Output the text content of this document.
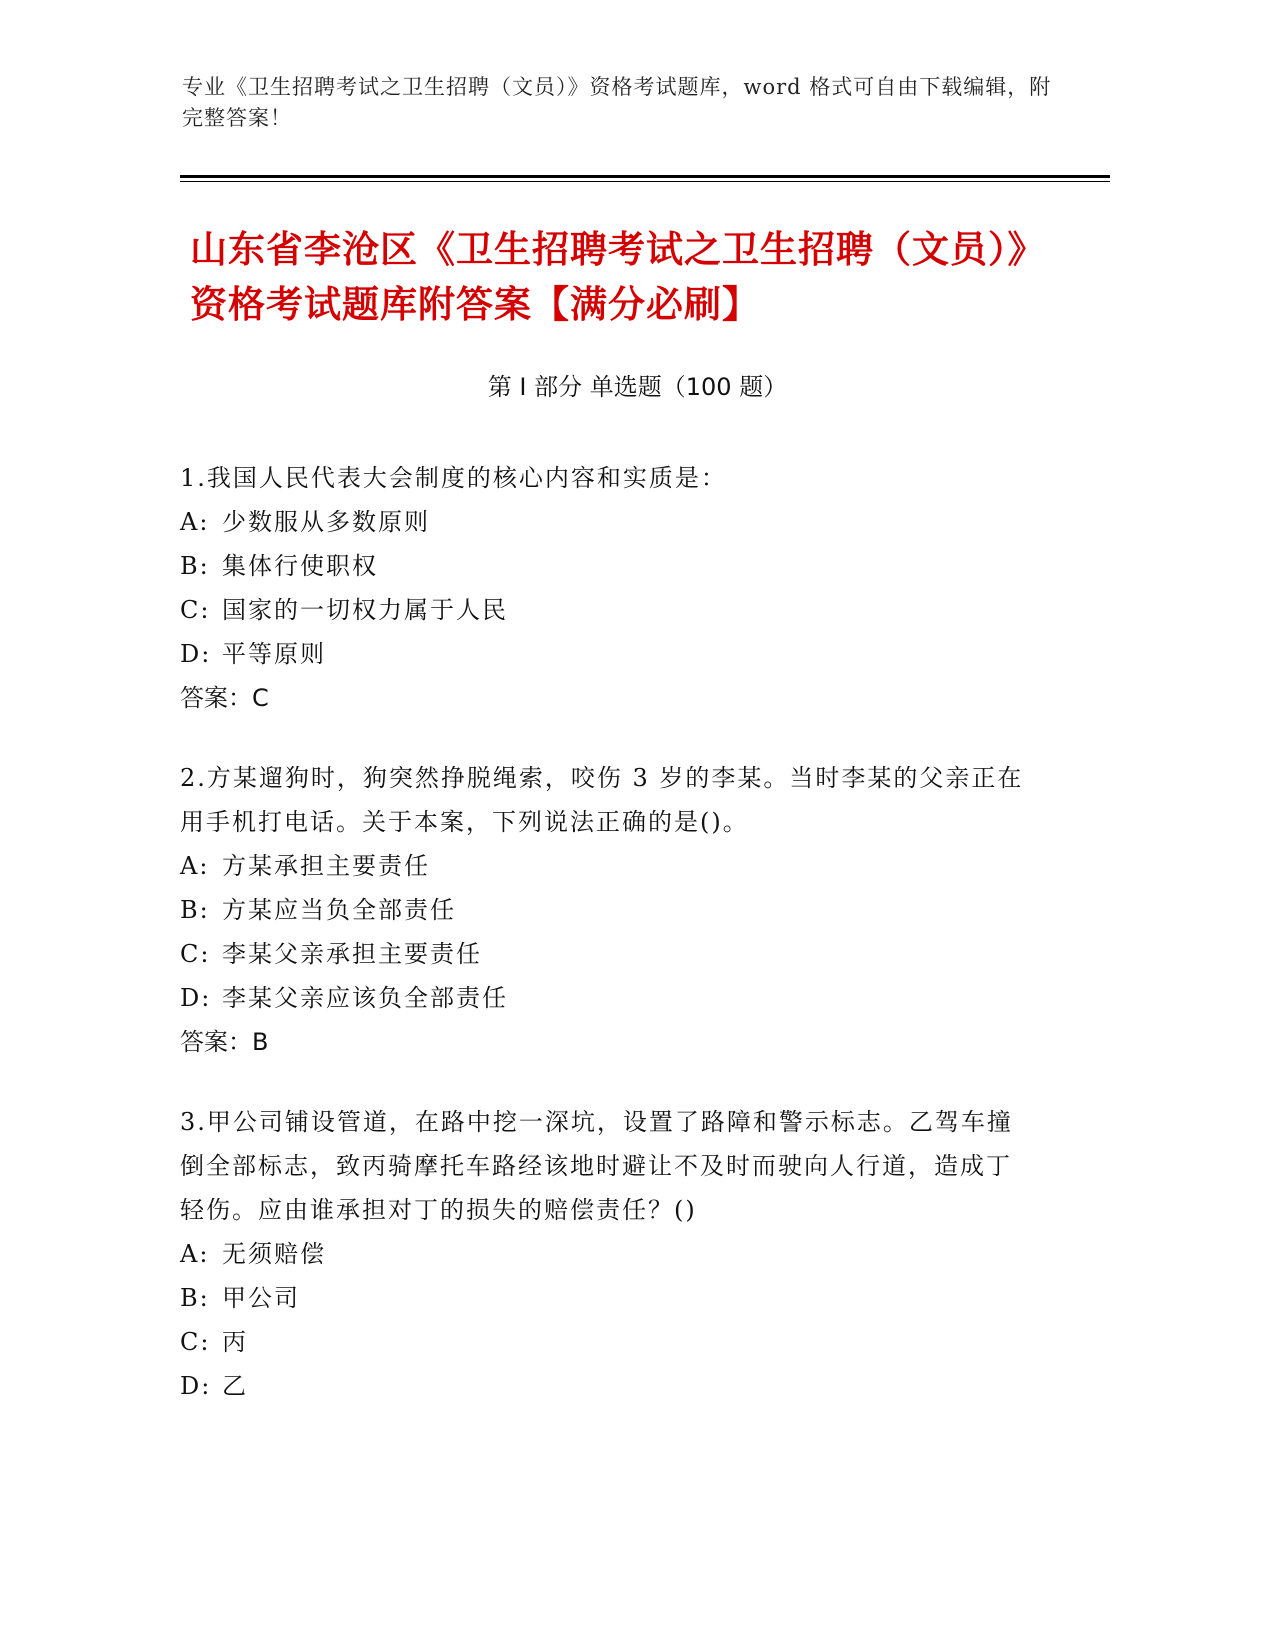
专业《卫生招聘考试之卫生招聘（文员）》资格考试题库，word 格式可自由下载编辑，附完整答案！
山东省李沧区《卫生招聘考试之卫生招聘（文员）》资格考试题库附答案【满分必刷】
第 I 部分 单选题（100 题）
1.我国人民代表大会制度的核心内容和实质是：
A: 少数服从多数原则
B: 集体行使职权
C: 国家的一切权力属于人民
D: 平等原则
答案：C
2.方某遛狗时，狗突然挣脱绳索，咬伤 3 岁的李某。当时李某的父亲正在用手机打电话。关于本案，下列说法正确的是()。
A: 方某承担主要责任
B: 方某应当负全部责任
C: 李某父亲承担主要责任
D: 李某父亲应该负全部责任
答案：B
3.甲公司铺设管道，在路中挖一深坑，设置了路障和警示标志。乙驾车撞倒全部标志，致丙骑摩托车路经该地时避让不及时而驶向人行道，造成丁轻伤。应由谁承担对丁的损失的赔偿责任？()
A: 无须赔偿
B: 甲公司
C: 丙
D: 乙
